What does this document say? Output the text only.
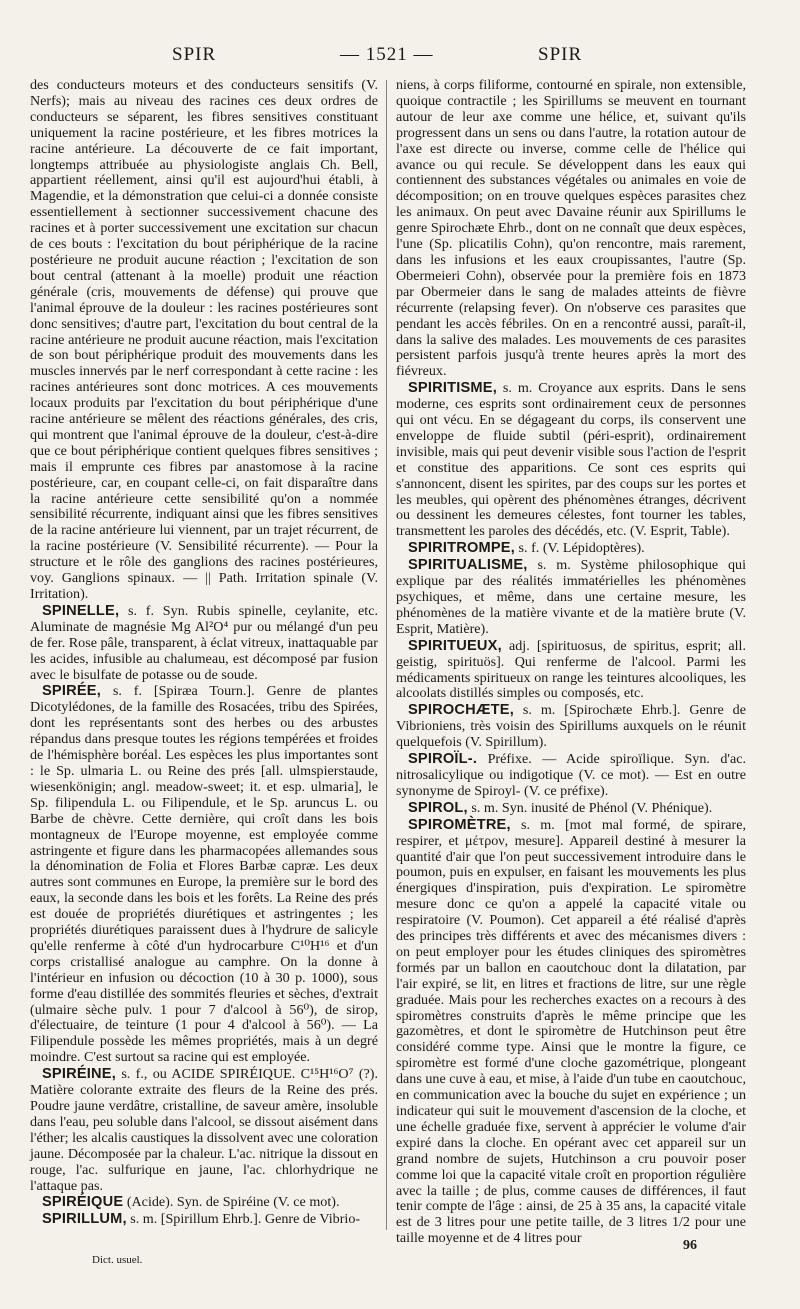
SPIR	— 1521 —	SPIR

des conducteurs moteurs et des conducteurs sensitifs (V. Nerfs); mais au niveau des racines ces deux ordres de conducteurs se séparent, les fibres sensitives constituant uniquement la racine postérieure, et les fibres motrices la racine antérieure. La découverte de ce fait important, longtemps attribuée au physiologiste anglais Ch. Bell, appartient réellement, ainsi qu'il est aujourd'hui établi, à Magendie, et la démonstration que celui-ci a donnée consiste essentiellement à sectionner successivement chacune des racines et à porter successivement une excitation sur chacun de ces bouts : l'excitation du bout périphérique de la racine postérieure ne produit aucune réaction ; l'excitation de son bout central (attenant à la moelle) produit une réaction générale (cris, mouvements de défense) qui prouve que l'animal éprouve de la douleur : les racines postérieures sont donc sensitives; d'autre part, l'excitation du bout central de la racine antérieure ne produit aucune réaction, mais l'excitation de son bout périphérique produit des mouvements dans les muscles innervés par le nerf correspondant à cette racine : les racines antérieures sont donc motrices. A ces mouvements locaux produits par l'excitation du bout périphérique d'une racine antérieure se mêlent des réactions générales, des cris, qui montrent que l'animal éprouve de la douleur, c'est-à-dire que ce bout périphérique contient quelques fibres sensitives ; mais il emprunte ces fibres par anastomose à la racine postérieure, car, en coupant celle-ci, on fait disparaître dans la racine antérieure cette sensibilité qu'on a nommée sensibilité récurrente, indiquant ainsi que les fibres sensitives de la racine antérieure lui viennent, par un trajet récurrent, de la racine postérieure (V. Sensibilité récurrente). — Pour la structure et le rôle des ganglions des racines postérieures, voy. Ganglions spinaux. — || Path. Irritation spinale (V. Irritation).

SPINELLE, s. f. Syn. Rubis spinelle, ceylanite, etc. Aluminate de magnésie Mg Al²O⁴ pur ou mélangé d'un peu de fer. Rose pâle, transparent, à éclat vitreux, inattaquable par les acides, infusible au chalumeau, est décomposé par fusion avec le bisulfate de potasse ou de soude.

SPIRÉE, s. f. [Spiræa Tourn.]. Genre de plantes Dicotylédones, de la famille des Rosacées, tribu des Spirées, dont les représentants sont des herbes ou des arbustes répandus dans presque toutes les régions tempérées et froides de l'hémisphère boréal. Les espèces les plus importantes sont : le Sp. ulmaria L. ou Reine des prés [all. ulmspierstaude, wiesenkönigin; angl. meadow-sweet; it. et esp. ulmaria], le Sp. filipendula L. ou Filipendule, et le Sp. aruncus L. ou Barbe de chèvre. Cette dernière, qui croît dans les bois montagneux de l'Europe moyenne, est employée comme astringente et figure dans les pharmacopées allemandes sous la dénomination de Folia et Flores Barbæ capræ. Les deux autres sont communes en Europe, la première sur le bord des eaux, la seconde dans les bois et les forêts. La Reine des prés est douée de propriétés diurétiques et astringentes ; les propriétés diurétiques paraissent dues à l'hydrure de salicyle qu'elle renferme à côté d'un hydrocarbure C¹⁰H¹⁶ et d'un corps cristallisé analogue au camphre. On la donne à l'intérieur en infusion ou décoction (10 à 30 p. 1000), sous forme d'eau distillée des sommités fleuries et sèches, d'extrait (ulmaire sèche pulv. 1 pour 7 d'alcool à 56⁰), de sirop, d'électuaire, de teinture (1 pour 4 d'alcool à 56⁰). — La Filipendule possède les mêmes propriétés, mais à un degré moindre. C'est surtout sa racine qui est employée.

SPIRÉINE, s. f., ou ACIDE SPIRÉIQUE. C¹⁵H¹⁶O⁷ (?). Matière colorante extraite des fleurs de la Reine des prés. Poudre jaune verdâtre, cristalline, de saveur amère, insoluble dans l'eau, peu soluble dans l'alcool, se dissout aisément dans l'éther; les alcalis caustiques la dissolvent avec une coloration jaune. Décomposée par la chaleur. L'ac. nitrique la dissout en rouge, l'ac. sulfurique en jaune, l'ac. chlorhydrique ne l'attaque pas.

SPIRÉIQUE (Acide). Syn. de Spiréine (V. ce mot).

SPIRILLUM, s. m. [Spirillum Ehrb.]. Genre de Vibrio-

niens, à corps filiforme, contourné en spirale, non extensible, quoique contractile ; les Spirillums se meuvent en tournant autour de leur axe comme une hélice, et, suivant qu'ils progressent dans un sens ou dans l'autre, la rotation autour de l'axe est directe ou inverse, comme celle de l'hélice qui avance ou qui recule. Se développent dans les eaux qui contiennent des substances végétales ou animales en voie de décomposition; on en trouve quelques espèces parasites chez les animaux. On peut avec Davaine réunir aux Spirillums le genre Spirochæte Ehrb., dont on ne connaît que deux espèces, l'une (Sp. plicatilis Cohn), qu'on rencontre, mais rarement, dans les infusions et les eaux croupissantes, l'autre (Sp. Obermeieri Cohn), observée pour la première fois en 1873 par Obermeier dans le sang de malades atteints de fièvre récurrente (relapsing fever). On n'observe ces parasites que pendant les accès fébriles. On en a rencontré aussi, paraît-il, dans la salive des malades. Les mouvements de ces parasites persistent parfois jusqu'à trente heures après la mort des fiévreux.

SPIRITISME, s. m. Croyance aux esprits. Dans le sens moderne, ces esprits sont ordinairement ceux de personnes qui ont vécu. En se dégageant du corps, ils conservent une enveloppe de fluide subtil (péri-esprit), ordinairement invisible, mais qui peut devenir visible sous l'action de l'esprit et constitue des apparitions. Ce sont ces esprits qui s'annoncent, disent les spirites, par des coups sur les portes et les meubles, qui opèrent des phénomènes étranges, décrivent ou dessinent les demeures célestes, font tourner les tables, transmettent les paroles des décédés, etc. (V. Esprit, Table).

SPIRITROMPE, s. f. (V. Lépidoptères).

SPIRITUALISME, s. m. Système philosophique qui explique par des réalités immatérielles les phénomènes psychiques, et même, dans une certaine mesure, les phénomènes de la matière vivante et de la matière brute (V. Esprit, Matière).

SPIRITUEUX, adj. [spirituosus, de spiritus, esprit; all. geistig, spirituös]. Qui renferme de l'alcool. Parmi les médicaments spiritueux on range les teintures alcooliques, les alcoolats distillés simples ou composés, etc.

SPIROCHÆTE, s. m. [Spirochæte Ehrb.]. Genre de Vibrioniens, très voisin des Spirillums auxquels on le réunit quelquefois (V. Spirillum).

SPIROÏL-. Préfixe. — Acide spiroïlique. Syn. d'ac. nitrosalicylique ou indigotique (V. ce mot). — Est en outre synonyme de Spiroyl- (V. ce préfixe).

SPIROL, s. m. Syn. inusité de Phénol (V. Phénique).

SPIROMÈTRE, s. m. [mot mal formé, de spirare, respirer, et μέτρον, mesure]. Appareil destiné à mesurer la quantité d'air que l'on peut successivement introduire dans le poumon, puis en expulser, en faisant les mouvements les plus énergiques d'inspiration, puis d'expiration. Le spiromètre mesure donc ce qu'on a appelé la capacité vitale ou respiratoire (V. Poumon). Cet appareil a été réalisé d'après des principes très différents et avec des mécanismes divers : on peut employer pour les études cliniques des spiromètres formés par un ballon en caoutchouc dont la dilatation, par l'air expiré, se lit, en litres et fractions de litre, sur une règle graduée. Mais pour les recherches exactes on a recours à des spiromètres construits d'après le même principe que les gazomètres, et dont le spiromètre de Hutchinson peut être considéré comme type. Ainsi que le montre la figure, ce spiromètre est formé d'une cloche gazométrique, plongeant dans une cuve à eau, et mise, à l'aide d'un tube en caoutchouc, en communication avec la bouche du sujet en expérience ; un indicateur qui suit le mouvement d'ascension de la cloche, et une échelle graduée fixe, servent à apprécier le volume d'air expiré dans la cloche. En opérant avec cet appareil sur un grand nombre de sujets, Hutchinson a cru pouvoir poser comme loi que la capacité vitale croît en proportion régulière avec la taille ; de plus, comme causes de différences, il faut tenir compte de l'âge : ainsi, de 25 à 35 ans, la capacité vitale est de 3 litres pour une petite taille, de 3 litres 1/2 pour une taille moyenne et de 4 litres pour	96
Dict. usuel.
